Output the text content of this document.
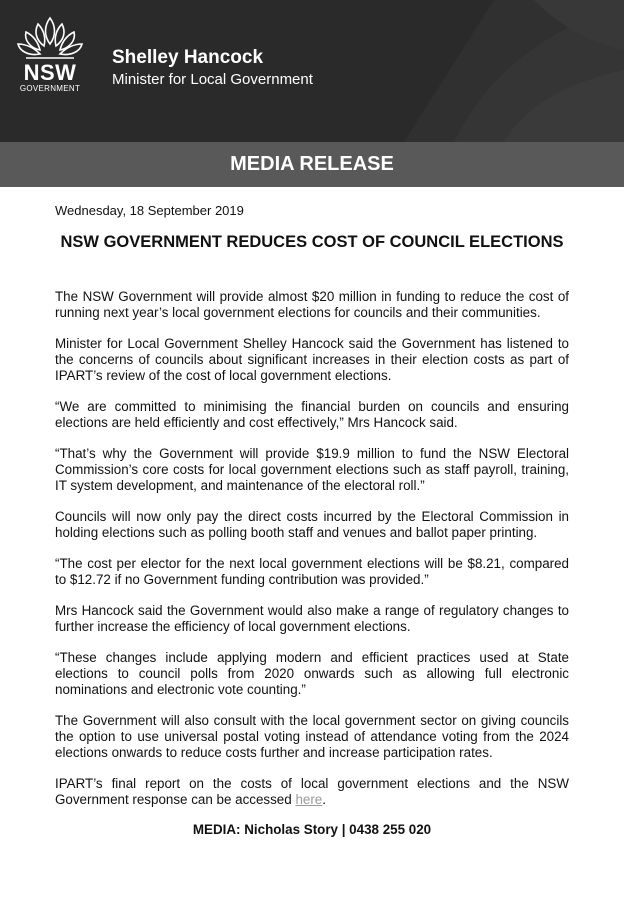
NSW
GOVERNMENT
Shelley Hancock
Minister for Local Government
MEDIA RELEASE
Wednesday, 18 September 2019
NSW GOVERNMENT REDUCES COST OF COUNCIL ELECTIONS

The NSW Government will provide almost $20 million in funding to reduce the cost of running next year’s local government elections for councils and their communities.

Minister for Local Government Shelley Hancock said the Government has listened to the concerns of councils about significant increases in their election costs as part of IPART’s review of the cost of local government elections.

“We are committed to minimising the financial burden on councils and ensuring elections are held efficiently and cost effectively,” Mrs Hancock said.

“That’s why the Government will provide $19.9 million to fund the NSW Electoral Commission’s core costs for local government elections such as staff payroll, training, IT system development, and maintenance of the electoral roll.”

Councils will now only pay the direct costs incurred by the Electoral Commission in holding elections such as polling booth staff and venues and ballot paper printing.

“The cost per elector for the next local government elections will be $8.21, compared to $12.72 if no Government funding contribution was provided.”

Mrs Hancock said the Government would also make a range of regulatory changes to further increase the efficiency of local government elections.

“These changes include applying modern and efficient practices used at State elections to council polls from 2020 onwards such as allowing full electronic nominations and electronic vote counting.”

The Government will also consult with the local government sector on giving councils the option to use universal postal voting instead of attendance voting from the 2024 elections onwards to reduce costs further and increase participation rates.

IPART’s final report on the costs of local government elections and the NSW Government response can be accessed here.

MEDIA: Nicholas Story | 0438 255 020
